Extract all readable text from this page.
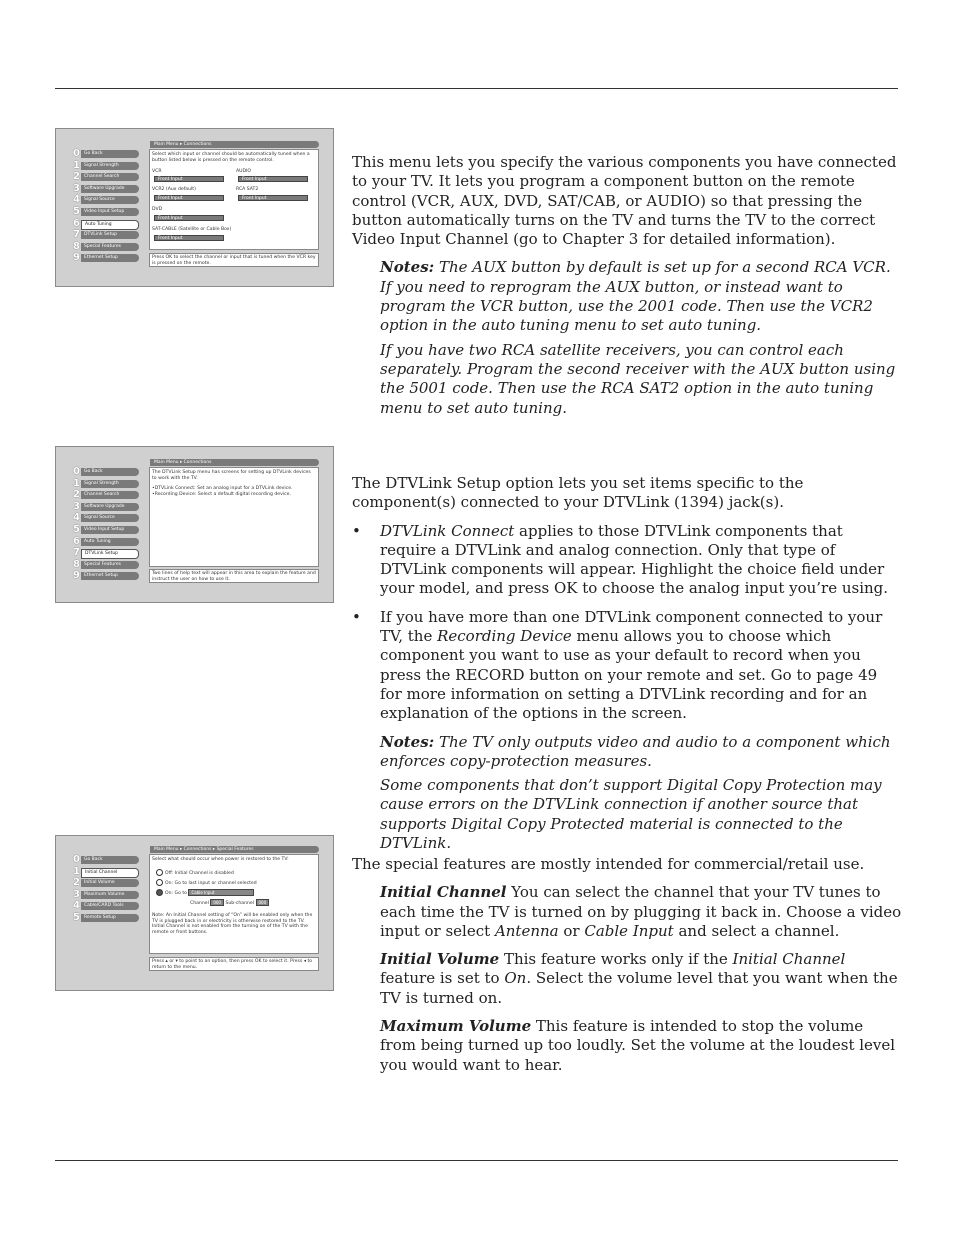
Main Menu ▸ Connections
0 Go Back
1 Signal Strength
2 Channel Search
3 Software Upgrade
4 Signal Source
5 Video Input Setup
6	Auto Tuning
7 DTVLink Setup
8 Special Features
9 Ethernet Setup
Select which input or channel should be automatically tuned when a button listed below is pressed on the remote control.
VCR
Front Input
AUDIO
Front Input
VCR2 (Aux default)
Front Input
RCA SAT2
Front Input
DVD
Front Input
SAT-CABLE (Satellite or Cable Box)
Front Input
Press OK to select the channel or input that is tuned when the VCR key is pressed on the remote.
Main Menu ▸ Connections
0 Go Back
1 Signal Strength
2 Channel Search
3 Software Upgrade
4 Signal Source
5 Video Input Setup
6 Auto Tuning
7	DTVLink Setup
8 Special Features
9 Ethernet Setup
The DTVLink Setup menu has screens for setting up DTVLink devices to work with the TV.
•DTVLink Connect: Set an analog input for a DTVLink device.
•Recording Device: Select a default digital recording device.
Two lines of help text will appear in this area to explain the feature and instruct the user on how to use it.
Main Menu ▸ Connections ▸ Special Features
0 Go Back
1	Initial Channel
2 Initial Volume
3 Maximum Volume
4 Cable/CARD Tools
5 Remote Setup
Select what should occur when power is restored to the TV:
Off: Initial Channel is disabled
On: Go to last input or channel selected
On: Go to Cable Input
Channel 000 Sub-channel 000
Note: An Initial Channel setting of “On” will be enabled only when the TV is plugged back in or electricity is otherwise restored to the TV. Initial Channel is not enabled from the turning on of the TV with the remote or front buttons.
Press ▴ or ▾ to point to an option, then press OK to select it. Press ◂ to return to the menu.

This menu lets you specify the various components you have connected to your TV. It lets you program a component button on the remote control (VCR, AUX, DVD, SAT/CAB, or AUDIO) so that pressing the button automatically turns on the TV and turns the TV to the correct Video Input Channel (go to Chapter 3 for detailed information).

Notes: The AUX button by default is set up for a second RCA VCR. If you need to reprogram the AUX button, or instead want to program the VCR button, use the 2001 code. Then use the VCR2 option in the auto tuning menu to set auto tuning.

If you have two RCA satellite receivers, you can control each separately. Program the second receiver with the AUX button using the 5001 code. Then use the RCA SAT2 option in the auto tuning menu to set auto tuning.

The DTVLink Setup option lets you set items specific to the component(s) connected to your DTVLink (1394) jack(s).

• DTVLink Connect applies to those DTVLink components that require a DTVLink and analog connection. Only that type of DTVLink components will appear. Highlight the choice field under your model, and press OK to choose the analog input you’re using.

• If you have more than one DTVLink component connected to your TV, the Recording Device menu allows you to choose which component you want to use as your default to record when you press the RECORD button on your remote and set. Go to page 49 for more information on setting a DTVLink recording and for an explanation of the options in the screen.

Notes: The TV only outputs video and audio to a component which enforces copy-protection measures.

Some components that don’t support Digital Copy Protection may cause errors on the DTVLink connection if another source that supports Digital Copy Protected material is connected to the DTVLink.

The special features are mostly intended for commercial/retail use.

Initial Channel You can select the channel that your TV tunes to each time the TV is turned on by plugging it back in. Choose a video input or select Antenna or Cable Input and select a channel.

Initial Volume This feature works only if the Initial Channel feature is set to On. Select the volume level that you want when the TV is turned on.

Maximum Volume This feature is intended to stop the volume from being turned up too loudly. Set the volume at the loudest level you would want to hear.
